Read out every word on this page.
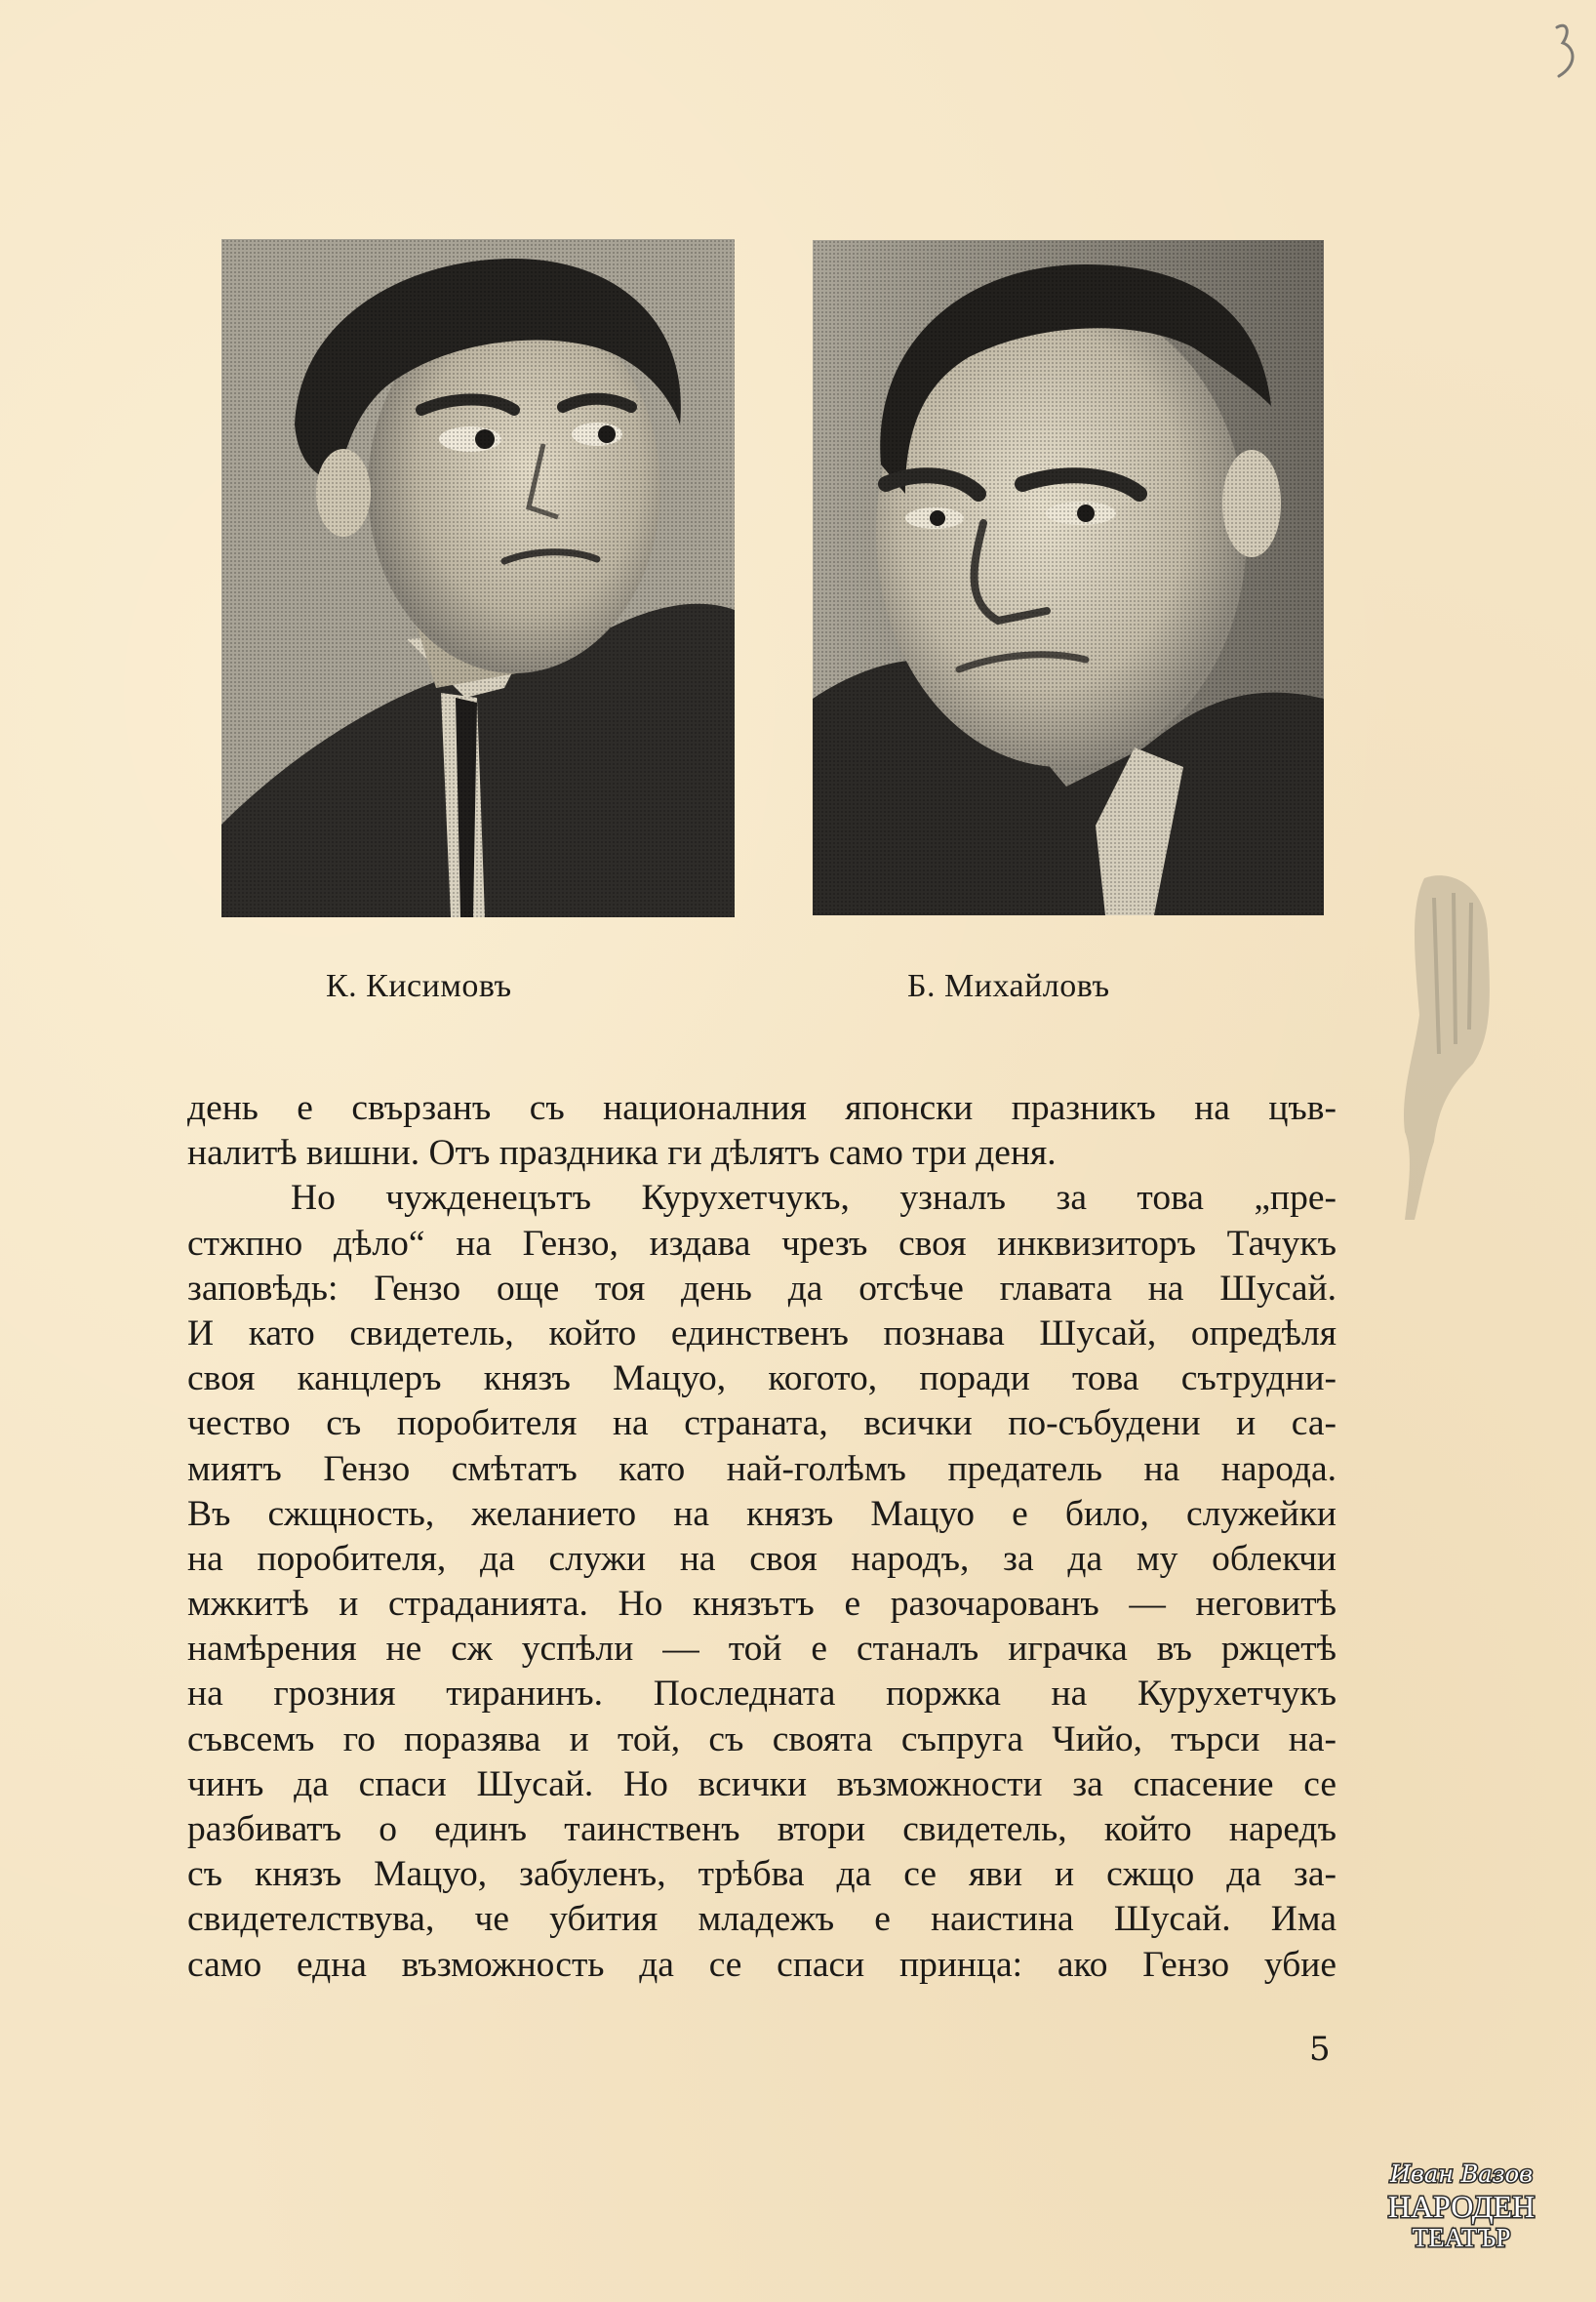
3
К. Кисимовъ	Б. Михайловъ
день е свързанъ съ националния японски празникъ на цъв-
налитѣ вишни. Отъ праздника ги дѣлятъ само три деня.
Но чужденецътъ Курухетчукъ, узналъ за това „пре-
стжпно дѣло“ на Гензо, издава чрезъ своя инквизиторъ Тачукъ
заповѣдь: Гензо още тоя день да отсѣче главата на Шусай.
И като свидетель, който единственъ познава Шусай, опредѣля
своя канцлеръ князъ Мацуо, когото, поради това сътрудни-
чество съ поробителя на страната, всички по-събудени и са-
миятъ Гензо смѣтатъ като най-голѣмъ предатель на народа.
Въ сжщность, желанието на князъ Мацуо е било, служейки
на поробителя, да служи на своя народъ, за да му облекчи
мжкитѣ и страданията. Но князътъ е разочарованъ — неговитѣ
намѣрения не сж успѣли — той е станалъ играчка въ ржцетѣ
на грозния тиранинъ. Последната поржка на Курухетчукъ
съвсемъ го поразява и той, съ своята съпруга Чийо, търси на-
чинъ да спаси Шусай. Но всички възможности за спасение се
разбиватъ о единъ таинственъ втори свидетель, който наредъ
съ князъ Мацуо, забуленъ, трѣбва да се яви и сжщо да за-
свидетелствува, че убития младежъ е наистина Шусай. Има
само една възможность да се спаси принца: ако Гензо убие
5
Иван Вазов
НАРОДЕН
ТЕАТЪР
